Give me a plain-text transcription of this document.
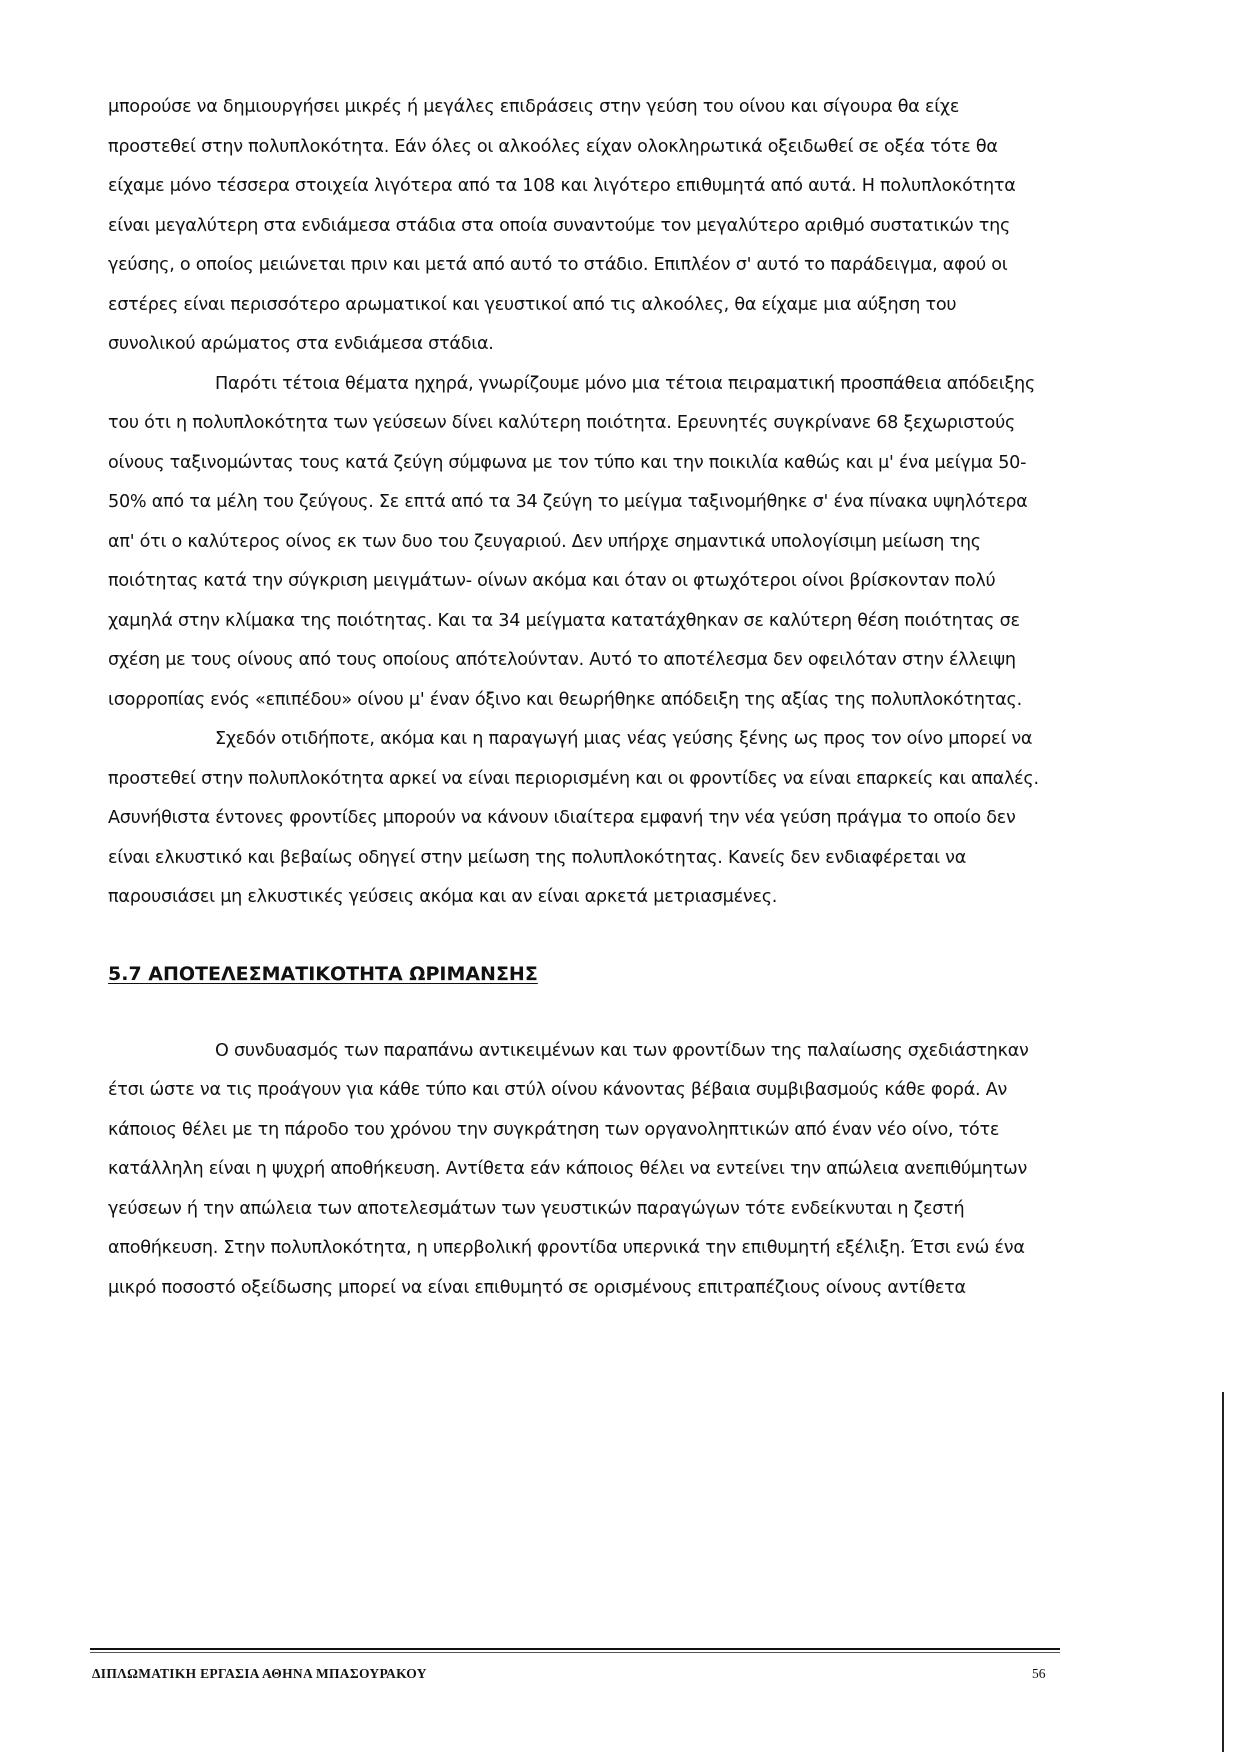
μπορούσε να δημιουργήσει μικρές ή μεγάλες επιδράσεις στην γεύση του οίνου και σίγουρα θα είχε προστεθεί στην πολυπλοκότητα. Εάν όλες οι αλκοόλες είχαν ολοκληρωτικά οξειδωθεί σε οξέα τότε θα είχαμε μόνο τέσσερα στοιχεία λιγότερα από τα 108 και λιγότερο επιθυμητά από αυτά. Η πολυπλοκότητα είναι μεγαλύτερη στα ενδιάμεσα στάδια στα οποία συναντούμε τον μεγαλύτερο αριθμό συστατικών της γεύσης, ο οποίος μειώνεται πριν και μετά από αυτό το στάδιο. Επιπλέον σ' αυτό το παράδειγμα, αφού οι εστέρες είναι περισσότερο αρωματικοί και γευστικοί από τις αλκοόλες, θα είχαμε μια αύξηση του συνολικού αρώματος στα ενδιάμεσα στάδια.

Παρότι τέτοια θέματα ηχηρά, γνωρίζουμε μόνο μια τέτοια πειραματική προσπάθεια απόδειξης του ότι η πολυπλοκότητα των γεύσεων δίνει καλύτερη ποιότητα. Ερευνητές συγκρίνανε 68 ξεχωριστούς οίνους ταξινομώντας τους κατά ζεύγη σύμφωνα με τον τύπο και την ποικιλία καθώς και μ' ένα μείγμα 50-50% από τα μέλη του ζεύγους. Σε επτά από τα 34 ζεύγη το μείγμα ταξινομήθηκε σ' ένα πίνακα υψηλότερα απ' ότι ο καλύτερος οίνος εκ των δυο του ζευγαριού. Δεν υπήρχε σημαντικά υπολογίσιμη μείωση της ποιότητας κατά την σύγκριση μειγμάτων- οίνων ακόμα και όταν οι φτωχότεροι οίνοι βρίσκονταν πολύ χαμηλά στην κλίμακα της ποιότητας. Και τα 34 μείγματα κατατάχθηκαν σε καλύτερη θέση ποιότητας σε σχέση με τους οίνους από τους οποίους απότελούνταν. Αυτό το αποτέλεσμα δεν οφειλόταν στην έλλειψη ισορροπίας ενός «επιπέδου» οίνου μ' έναν όξινο και θεωρήθηκε απόδειξη της αξίας της πολυπλοκότητας.

Σχεδόν οτιδήποτε, ακόμα και η παραγωγή μιας νέας γεύσης ξένης ως προς τον οίνο μπορεί να προστεθεί στην πολυπλοκότητα αρκεί να είναι περιορισμένη και οι φροντίδες να είναι επαρκείς και απαλές. Ασυνήθιστα έντονες φροντίδες μπορούν να κάνουν ιδιαίτερα εμφανή την νέα γεύση πράγμα το οποίο δεν είναι ελκυστικό και βεβαίως οδηγεί στην μείωση της πολυπλοκότητας. Κανείς δεν ενδιαφέρεται να παρουσιάσει μη ελκυστικές γεύσεις ακόμα και αν είναι αρκετά μετριασμένες.

5.7 ΑΠΟΤΕΛΕΣΜΑΤΙΚΟΤΗΤΑ ΩΡΙΜΑΝΣΗΣ

Ο συνδυασμός των παραπάνω αντικειμένων και των φροντίδων της παλαίωσης σχεδιάστηκαν έτσι ώστε να τις προάγουν για κάθε τύπο και στύλ οίνου κάνοντας βέβαια συμβιβασμούς κάθε φορά. Αν κάποιος θέλει με τη πάροδο του χρόνου την συγκράτηση των οργανοληπτικών από έναν νέο οίνο, τότε κατάλληλη είναι η ψυχρή αποθήκευση. Αντίθετα εάν κάποιος θέλει να εντείνει την απώλεια ανεπιθύμητων γεύσεων ή την απώλεια των αποτελεσμάτων των γευστικών παραγώγων τότε ενδείκνυται η ζεστή αποθήκευση. Στην πολυπλοκότητα, η υπερβολική φροντίδα υπερνικά την επιθυμητή εξέλιξη. Έτσι ενώ ένα μικρό ποσοστό οξείδωσης μπορεί να είναι επιθυμητό σε ορισμένους επιτραπέζιους οίνους αντίθετα

ΔΙΠΛΩΜΑΤΙΚΗ ΕΡΓΑΣΙΑ ΑΘΗΝΑ ΜΠΑΣΟΥΡΑΚΟΥ	56
